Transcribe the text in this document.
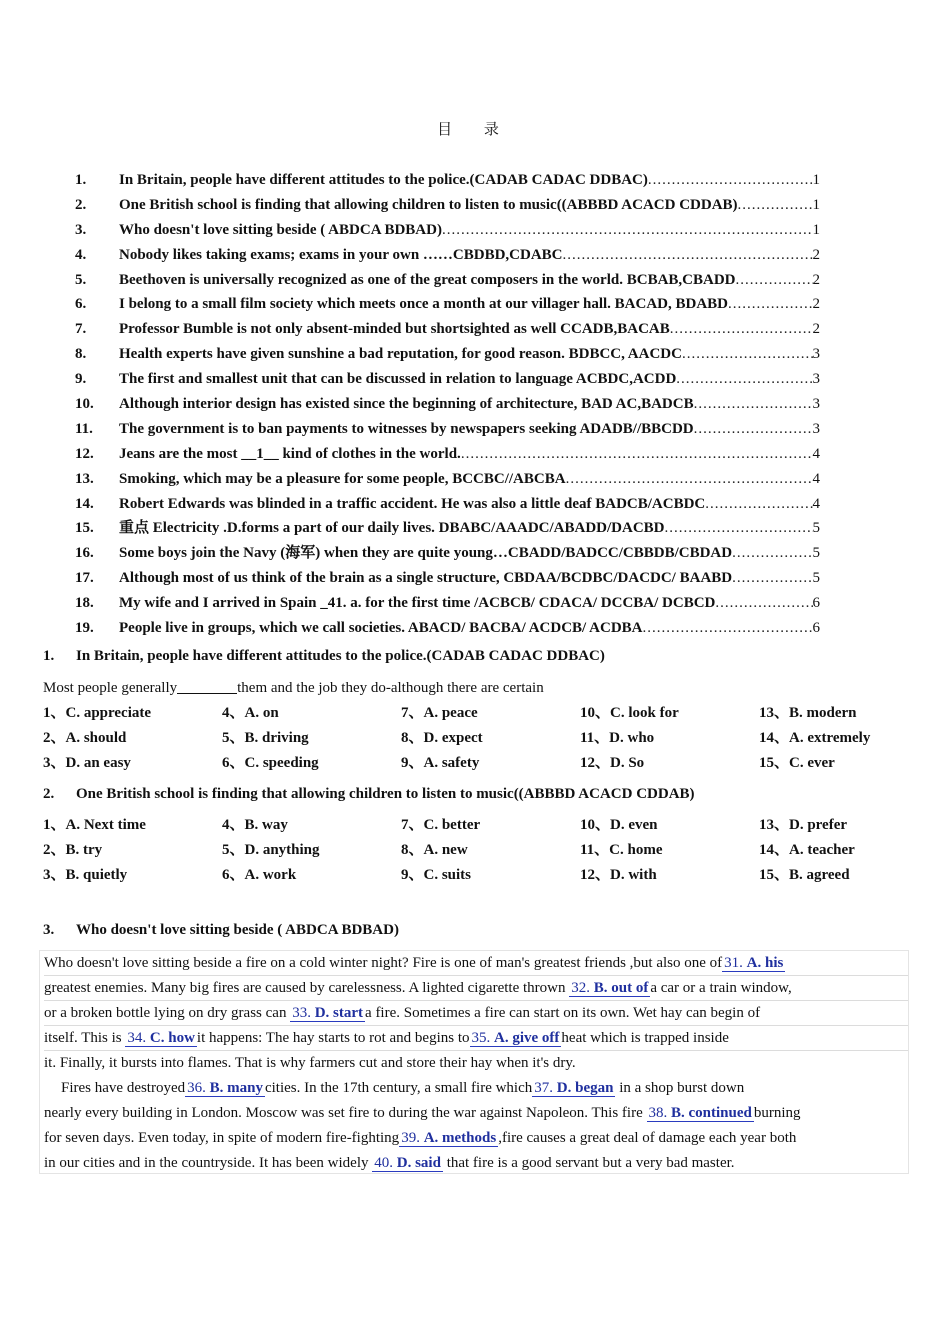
目 录
1.	In Britain, people have different attitudes to the police.(CADAB CADAC DDBAC) .....	1
2.	One British school is finding that allowing children to listen to music((ABBBD ACACD CDDAB) .....	1
3.	Who doesn't love sitting beside ( ABDCA BDBAD) .....	1
4.	Nobody likes taking exams; exams in your own ……CBDBD,CDABC .....	2
5.	Beethoven is universally recognized as one of the great composers in the world. BCBAB,CBADD .....	2
6.	I belong to a small film society which meets once a month at our villager hall. BACAD, BDABD .....	2
7.	Professor Bumble is not only absent-minded but shortsighted as well CCADB,BACAB .....	2
8.	Health experts have given sunshine a bad reputation, for good reason. BDBCC, AACDC .....	3
9.	The first and smallest unit that can be discussed in relation to language ACBDC,ACDD .....	3
10.	Although interior design has existed since the beginning of architecture, BAD AC,BADCB .....	3
11.	The government is to ban payments to witnesses by newspapers seeking ADADB//BBCDD .....	3
12.	Jeans are the most __1__ kind of clothes in the world. .....	4
13.	Smoking, which may be a pleasure for some people, BCCBC//ABCBA .....	4
14.	Robert Edwards was blinded in a traffic accident. He was also a little deaf BADCB/ACBDC .....	4
15.	重点 Electricity .D.forms a part of our daily lives. DBABC/AAADC/ABADD/DACBD .....	5
16.	Some boys join the Navy (海军) when they are quite young…CBADD/BADCC/CBBDB/CBDAD .....	5
17.	Although most of us think of the brain as a single structure, CBDAA/BCDBC/DACDC/ BAABD .....	5
18.	My wife and I arrived in Spain _41. a. for the first time /ACBCB/ CDACA/ DCCBA/ DCBCD .....	6
19.	People live in groups, which we call societies. ABACD/ BACBA/ ACDCB/ ACDBA .....	6
1. In Britain, people have different attitudes to the police.(CADAB CADAC DDBAC)
Most people generally	them and the job they do-although there are certain
1、C. appreciate	4、A. on	7、A. peace	10、C. look for	13、B. modern
2、A. should	5、B. driving	8、D. expect	11、D. who	14、A. extremely
3、D. an easy	6、C. speeding	9、A. safety	12、D. So	15、C. ever
2. One British school is finding that allowing children to listen to music((ABBBD ACACD CDDAB)
1、A. Next time	4、B. way	7、C. better	10、D. even	13、D. prefer
2、B. try	5、D. anything	8、A. new	11、C. home	14、A. teacher
3、B. quietly	6、A. work	9、C. suits	12、D. with	15、B. agreed
3. Who doesn't love sitting beside ( ABDCA BDBAD)
Who doesn't love sitting beside a fire on a cold winter night? Fire is one of man's greatest friends ,but also one of 31. A. his
greatest enemies. Many big fires are caused by carelessness. A lighted cigarette thrown 32. B. out of a car or a train window,
or a broken bottle lying on dry grass can 33. D. start a fire. Sometimes a fire can start on its own. Wet hay can begin of
itself. This is 34. C. how it happens: The hay starts to rot and begins to 35. A. give off heat which is trapped inside
it. Finally, it bursts into flames. That is why farmers cut and store their hay when it's dry.
Fires have destroyed 36. B. many cities. In the 17th century, a small fire which 37. D. began in a shop burst down
nearly every building in London. Moscow was set fire to during the war against Napoleon. This fire 38. B. continued burning
for seven days. Even today, in spite of modern fire-fighting 39. A. methods ,fire causes a great deal of damage each year both
in our cities and in the countryside. It has been widely 40. D. said that fire is a good servant but a very bad master.
